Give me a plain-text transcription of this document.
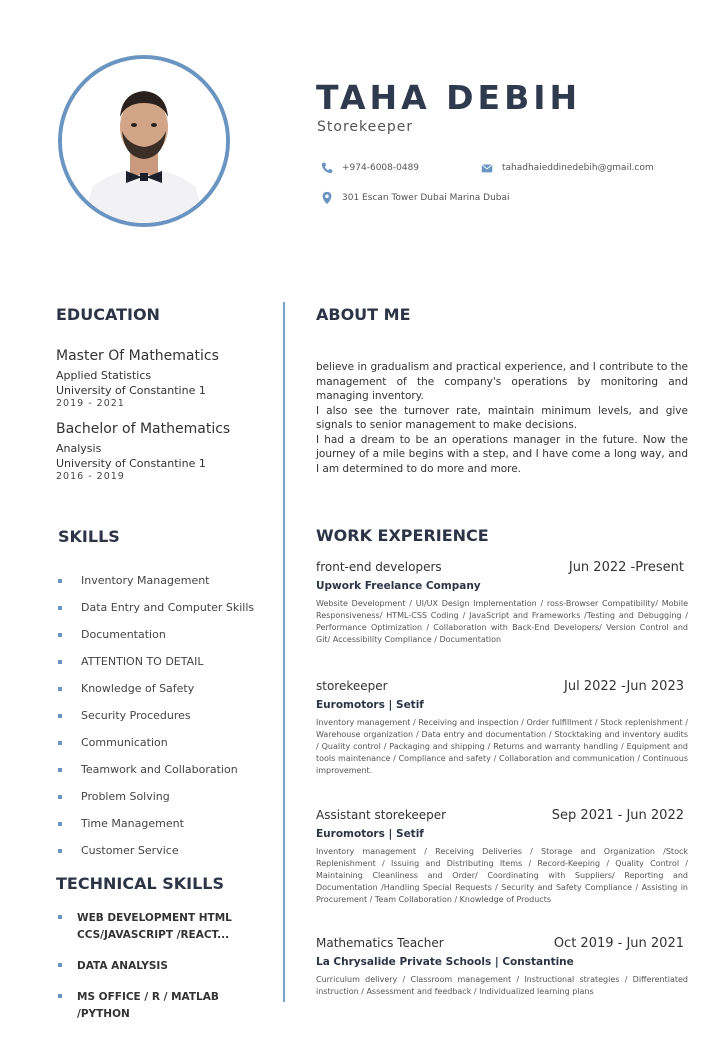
TAHA DEBIH
Storekeeper
+974-6008-0489	tahadhaieddinedebih@gmail.com
301 Escan Tower Dubai Marina Dubai
EDUCATION
Master Of Mathematics
Applied Statistics
University of Constantine 1
2019 - 2021
Bachelor of Mathematics
Analysis
University of Constantine 1
2016 - 2019
SKILLS
Inventory Management
Data Entry and Computer Skills
Documentation
ATTENTION TO DETAIL
Knowledge of Safety
Security Procedures
Communication
Teamwork and Collaboration
Problem Solving
Time Management
Customer Service
TECHNICAL SKILLS
WEB DEVELOPMENT HTML CCS/JAVASCRIPT /REACT...
DATA ANALYSIS
MS OFFICE / R / MATLAB /PYTHON
ABOUT ME

believe in gradualism and practical experience, and I contribute to the management of the company's operations by monitoring and managing inventory.

I also see the turnover rate, maintain minimum levels, and give signals to senior management to make decisions.

I had a dream to be an operations manager in the future. Now the journey of a mile begins with a step, and I have come a long way, and I am determined to do more and more.

WORK EXPERIENCE
front-end developers	Jun 2022 -Present
Upwork Freelance Company
Website Development / UI/UX Design Implementation / ross-Browser Compatibility/ Mobile Responsiveness/ HTML-CSS Coding / JavaScript and Frameworks /Testing and Debugging / Performance Optimization / Collaboration with Back-End Developers/ Version Control and Git/ Accessibility Compliance / Documentation
storekeeper	Jul 2022 -Jun 2023
Euromotors | Setif
Inventory management / Receiving and inspection / Order fulfillment / Stock replenishment / Warehouse organization / Data entry and documentation / Stocktaking and inventory audits / Quality control / Packaging and shipping / Returns and warranty handling / Equipment and tools maintenance / Compliance and safety / Collaboration and communication / Continuous improvement.
Assistant storekeeper	Sep 2021 - Jun 2022
Euromotors | Setif
Inventory management / Receiving Deliveries / Storage and Organization /Stock Replenishment / Issuing and Distributing Items / Record-Keeping / Quality Control / Maintaining Cleanliness and Order/ Coordinating with Suppliers/ Reporting and Documentation /Handling Special Requests / Security and Safety Compliance / Assisting in Procurement / Team Collaboration / Knowledge of Products
Mathematics Teacher	Oct 2019 - Jun 2021
La Chrysalide Private Schools | Constantine
Curriculum delivery / Classroom management / Instructional strategies / Differentiated instruction / Assessment and feedback / Individualized learning plans
